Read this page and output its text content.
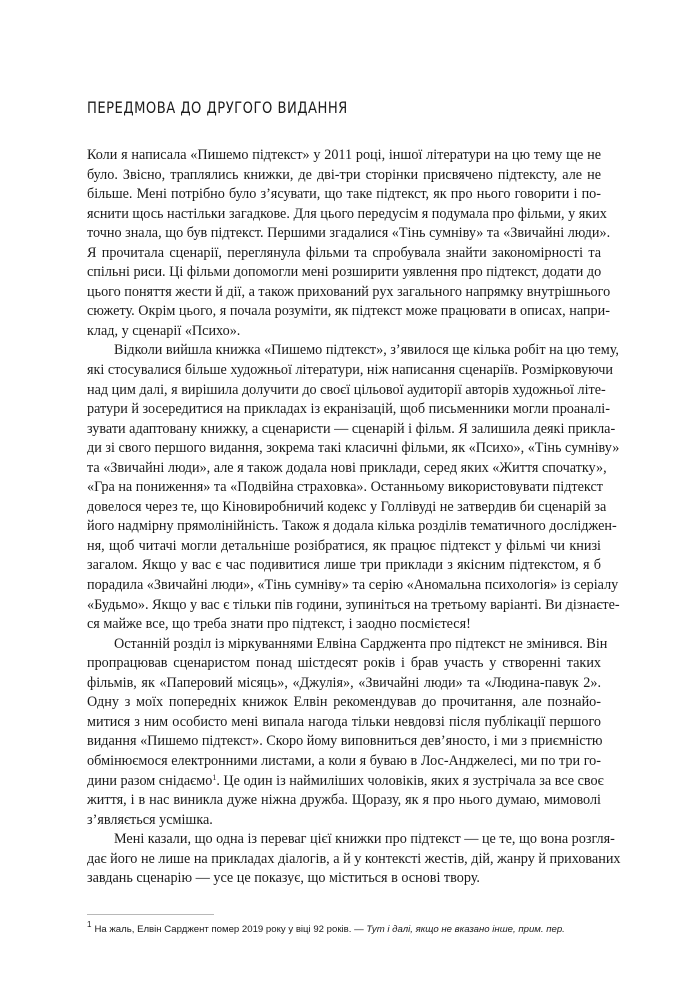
ПЕРЕДМОВА ДО ДРУГОГО ВИДАННЯ
Коли я написала «Пишемо підтекст» у 2011 році, іншої літератури на цю тему ще не
було. Звісно, траплялись книжки, де дві-три сторінки присвячено підтексту, але не
більше. Мені потрібно було з’ясувати, що таке підтекст, як про нього говорити і по-
яснити щось настільки загадкове. Для цього передусім я подумала про фільми, у яких
точно знала, що був підтекст. Першими згадалися «Тінь сумніву» та «Звичайні люди».
Я прочитала сценарії, переглянула фільми та спробувала знайти закономірності та
спільні риси. Ці фільми допомогли мені розширити уявлення про підтекст, додати до
цього поняття жести й дії, а також прихований рух загального напрямку внутрішнього
сюжету. Окрім цього, я почала розуміти, як підтекст може працювати в описах, напри-
клад, у сценарії «Психо».
Відколи вийшла книжка «Пишемо підтекст», з’явилося ще кілька робіт на цю тему,
які стосувалися більше художньої літератури, ніж написання сценаріїв. Розмірковуючи
над цим далі, я вирішила долучити до своєї цільової аудиторії авторів художньої літе-
ратури й зосередитися на прикладах із екранізацій, щоб письменники могли проаналі-
зувати адаптовану книжку, а сценаристи — сценарій і фільм. Я залишила деякі прикла-
ди зі свого першого видання, зокрема такі класичні фільми, як «Психо», «Тінь сумніву»
та «Звичайні люди», але я також додала нові приклади, серед яких «Життя спочатку»,
«Гра на пониження» та «Подвійна страховка». Останньому використовувати підтекст
довелося через те, що Кіновиробничий кодекс у Голлівуді не затвердив би сценарій за
його надмірну прямолінійність. Також я додала кілька розділів тематичного досліджен-
ня, щоб читачі могли детальніше розібратися, як працює підтекст у фільмі чи книзі
загалом. Якщо у вас є час подивитися лише три приклади з якісним підтекстом, я б
порадила «Звичайні люди», «Тінь сумніву» та серію «Аномальна психологія» із серіалу
«Будьмо». Якщо у вас є тільки пів години, зупиніться на третьому варіанті. Ви дізнаєте-
ся майже все, що треба знати про підтекст, і заодно посмієтеся!
Останній розділ із міркуваннями Елвіна Сарджента про підтекст не змінився. Він
пропрацював сценаристом понад шістдесят років і брав участь у створенні таких
фільмів, як «Паперовий місяць», «Джулія», «Звичайні люди» та «Людина-павук 2».
Одну з моїх попередніх книжок Елвін рекомендував до прочитання, але познайо-
митися з ним особисто мені випала нагода тільки невдовзі після публікації першого
видання «Пишемо підтекст». Скоро йому виповниться дев’яносто, і ми з приємністю
обмінюємося електронними листами, а коли я буваю в Лос-Анджелесі, ми по три го-
дини разом снідаємо$^1$. Це один із наймиліших чоловіків, яких я зустрічала за все своє
життя, і в нас виникла дуже ніжна дружба. Щоразу, як я про нього думаю, мимоволі
з’являється усмішка.
Мені казали, що одна із переваг цієї книжки про підтекст — це те, що вона розгля-
дає його не лише на прикладах діалогів, а й у контексті жестів, дій, жанру й прихованих
завдань сценарію — усе це показує, що міститься в основі твору.
$^1$ На жаль, Елвін Сарджент помер 2019 року у віці 92 років. — Тут і далі, якщо не вказано інше, прим. пер.
